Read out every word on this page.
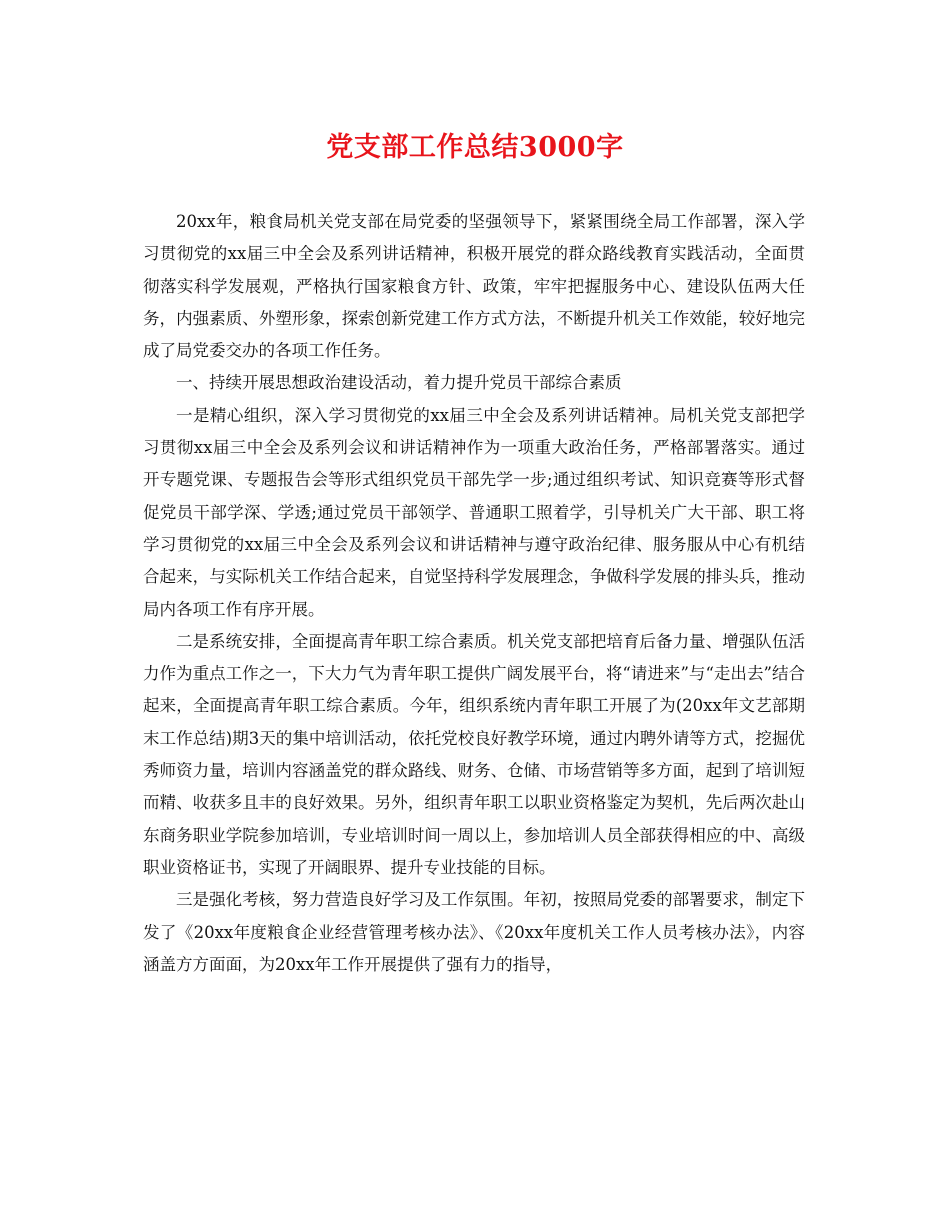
党支部工作总结3000字

20xx年，粮食局机关党支部在局党委的坚强领导下，紧紧围绕全局工作部署，深入学习贯彻党的xx届三中全会及系列讲话精神，积极开展党的群众路线教育实践活动，全面贯彻落实科学发展观，严格执行国家粮食方针、政策，牢牢把握服务中心、建设队伍两大任务，内强素质、外塑形象，探索创新党建工作方式方法，不断提升机关工作效能，较好地完成了局党委交办的各项工作任务。

一、持续开展思想政治建设活动，着力提升党员干部综合素质

一是精心组织，深入学习贯彻党的xx届三中全会及系列讲话精神。局机关党支部把学习贯彻xx届三中全会及系列会议和讲话精神作为一项重大政治任务，严格部署落实。通过开专题党课、专题报告会等形式组织党员干部先学一步;通过组织考试、知识竞赛等形式督促党员干部学深、学透;通过党员干部领学、普通职工照着学，引导机关广大干部、职工将学习贯彻党的xx届三中全会及系列会议和讲话精神与遵守政治纪律、服务服从中心有机结合起来，与实际机关工作结合起来，自觉坚持科学发展理念，争做科学发展的排头兵，推动局内各项工作有序开展。

二是系统安排，全面提高青年职工综合素质。机关党支部把培育后备力量、增强队伍活力作为重点工作之一，下大力气为青年职工提供广阔发展平台，将“请进来”与“走出去”结合起来，全面提高青年职工综合素质。今年，组织系统内青年职工开展了为(20xx年文艺部期末工作总结)期3天的集中培训活动，依托党校良好教学环境，通过内聘外请等方式，挖掘优秀师资力量，培训内容涵盖党的群众路线、财务、仓储、市场营销等多方面，起到了培训短而精、收获多且丰的良好效果。另外，组织青年职工以职业资格鉴定为契机，先后两次赴山东商务职业学院参加培训，专业培训时间一周以上，参加培训人员全部获得相应的中、高级职业资格证书，实现了开阔眼界、提升专业技能的目标。

三是强化考核，努力营造良好学习及工作氛围。年初，按照局党委的部署要求，制定下发了《20xx年度粮食企业经营管理考核办法》、《20xx年度机关工作人员考核办法》，内容涵盖方方面面，为20xx年工作开展提供了强有力的指导，
